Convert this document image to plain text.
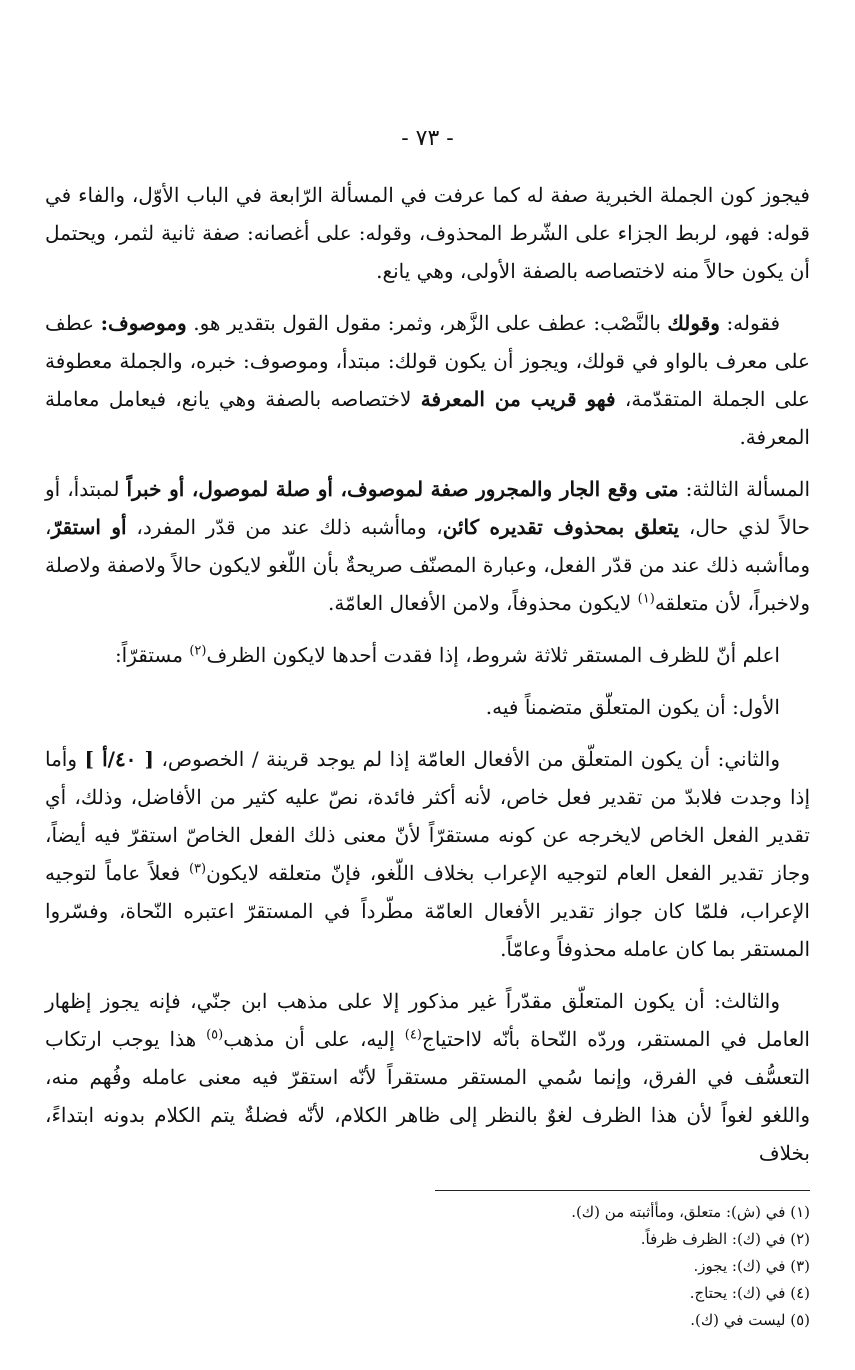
- ٧٣ -

فيجوز كون الجملة الخبرية صفة له كما عرفت في المسألة الرّابعة في الباب الأوّل، والفاء في قوله: فهو، لربط الجزاء على الشّرط المحذوف، وقوله: على أغصانه: صفة ثانية لثمر، ويحتمل أن يكون حالاً منه لاختصاصه بالصفة الأولى، وهي يانع.

فقوله: وقولك بالنَّصْب: عطف على الزَّهر، وثمر: مقول القول بتقدير هو. وموصوف: عطف على معرف بالواو في قولك، ويجوز أن يكون قولك: مبتدأ، وموصوف: خبره، والجملة معطوفة على الجملة المتقدّمة، فهو قريب من المعرفة لاختصاصه بالصفة وهي يانع، فيعامل معاملة المعرفة.

المسألة الثالثة: متى وقع الجار والمجرور صفة لموصوف، أو صلة لموصول، أو خبراً لمبتدأ، أو حالاً لذي حال، يتعلق بمحذوف تقديره كائن، وماأشبه ذلك عند من قدّر المفرد، أو استقرّ، وماأشبه ذلك عند من قدّر الفعل، وعبارة المصنّف صريحةٌ بأن اللّغو لايكون حالاً ولاصفة ولاصلة ولاخبراً، لأن متعلقه$^{(١)}$ لايكون محذوفاً، ولامن الأفعال العامّة.

اعلم أنّ للظرف المستقر ثلاثة شروط، إذا فقدت أحدها لايكون الظرف$^{(٢)}$ مستقرّاً:

الأول: أن يكون المتعلّق متضمناً فيه.

والثاني: أن يكون المتعلّق من الأفعال العامّة إذا لم يوجد قرينة / الخصوص، [ ٤٠/أ ] وأما إذا وجدت فلابدّ من تقدير فعل خاص، لأنه أكثر فائدة، نصّ عليه كثير من الأفاضل، وذلك، أي تقدير الفعل الخاص لايخرجه عن كونه مستقرّاً لأنّ معنى ذلك الفعل الخاصّ استقرّ فيه أيضاً، وجاز تقدير الفعل العام لتوجيه الإعراب بخلاف اللّغو، فإنّ متعلقه لايكون$^{(٣)}$ فعلاً عاماً لتوجيه الإعراب، فلمّا كان جواز تقدير الأفعال العامّة مطّرداً في المستقرّ اعتبره النّحاة، وفسّروا المستقر بما كان عامله محذوفاً وعامّاً.

والثالث: أن يكون المتعلّق مقدّراً غير مذكور إلا على مذهب ابن جنّي، فإنه يجوز إظهار العامل في المستقر، وردّه النّحاة بأنّه لااحتياج$^{(٤)}$ إليه، على أن مذهب$^{(٥)}$ هذا يوجب ارتكاب التعسُّف في الفرق، وإنما سُمي المستقر مستقراً لأنّه استقرّ فيه معنى عامله وفُهم منه، واللغو لغواً لأن هذا الظرف لغوٌ بالنظر إلى ظاهر الكلام، لأنّه فضلةٌ يتم الكلام بدونه ابتداءً، بخلاف

(١) في (ش): متعلق، ومأأثبته من (ك).

(٢) في (ك): الظرف ظرفاً.

(٣) في (ك): يجوز.

(٤) في (ك): يحتاج.

(٥) ليست في (ك).
